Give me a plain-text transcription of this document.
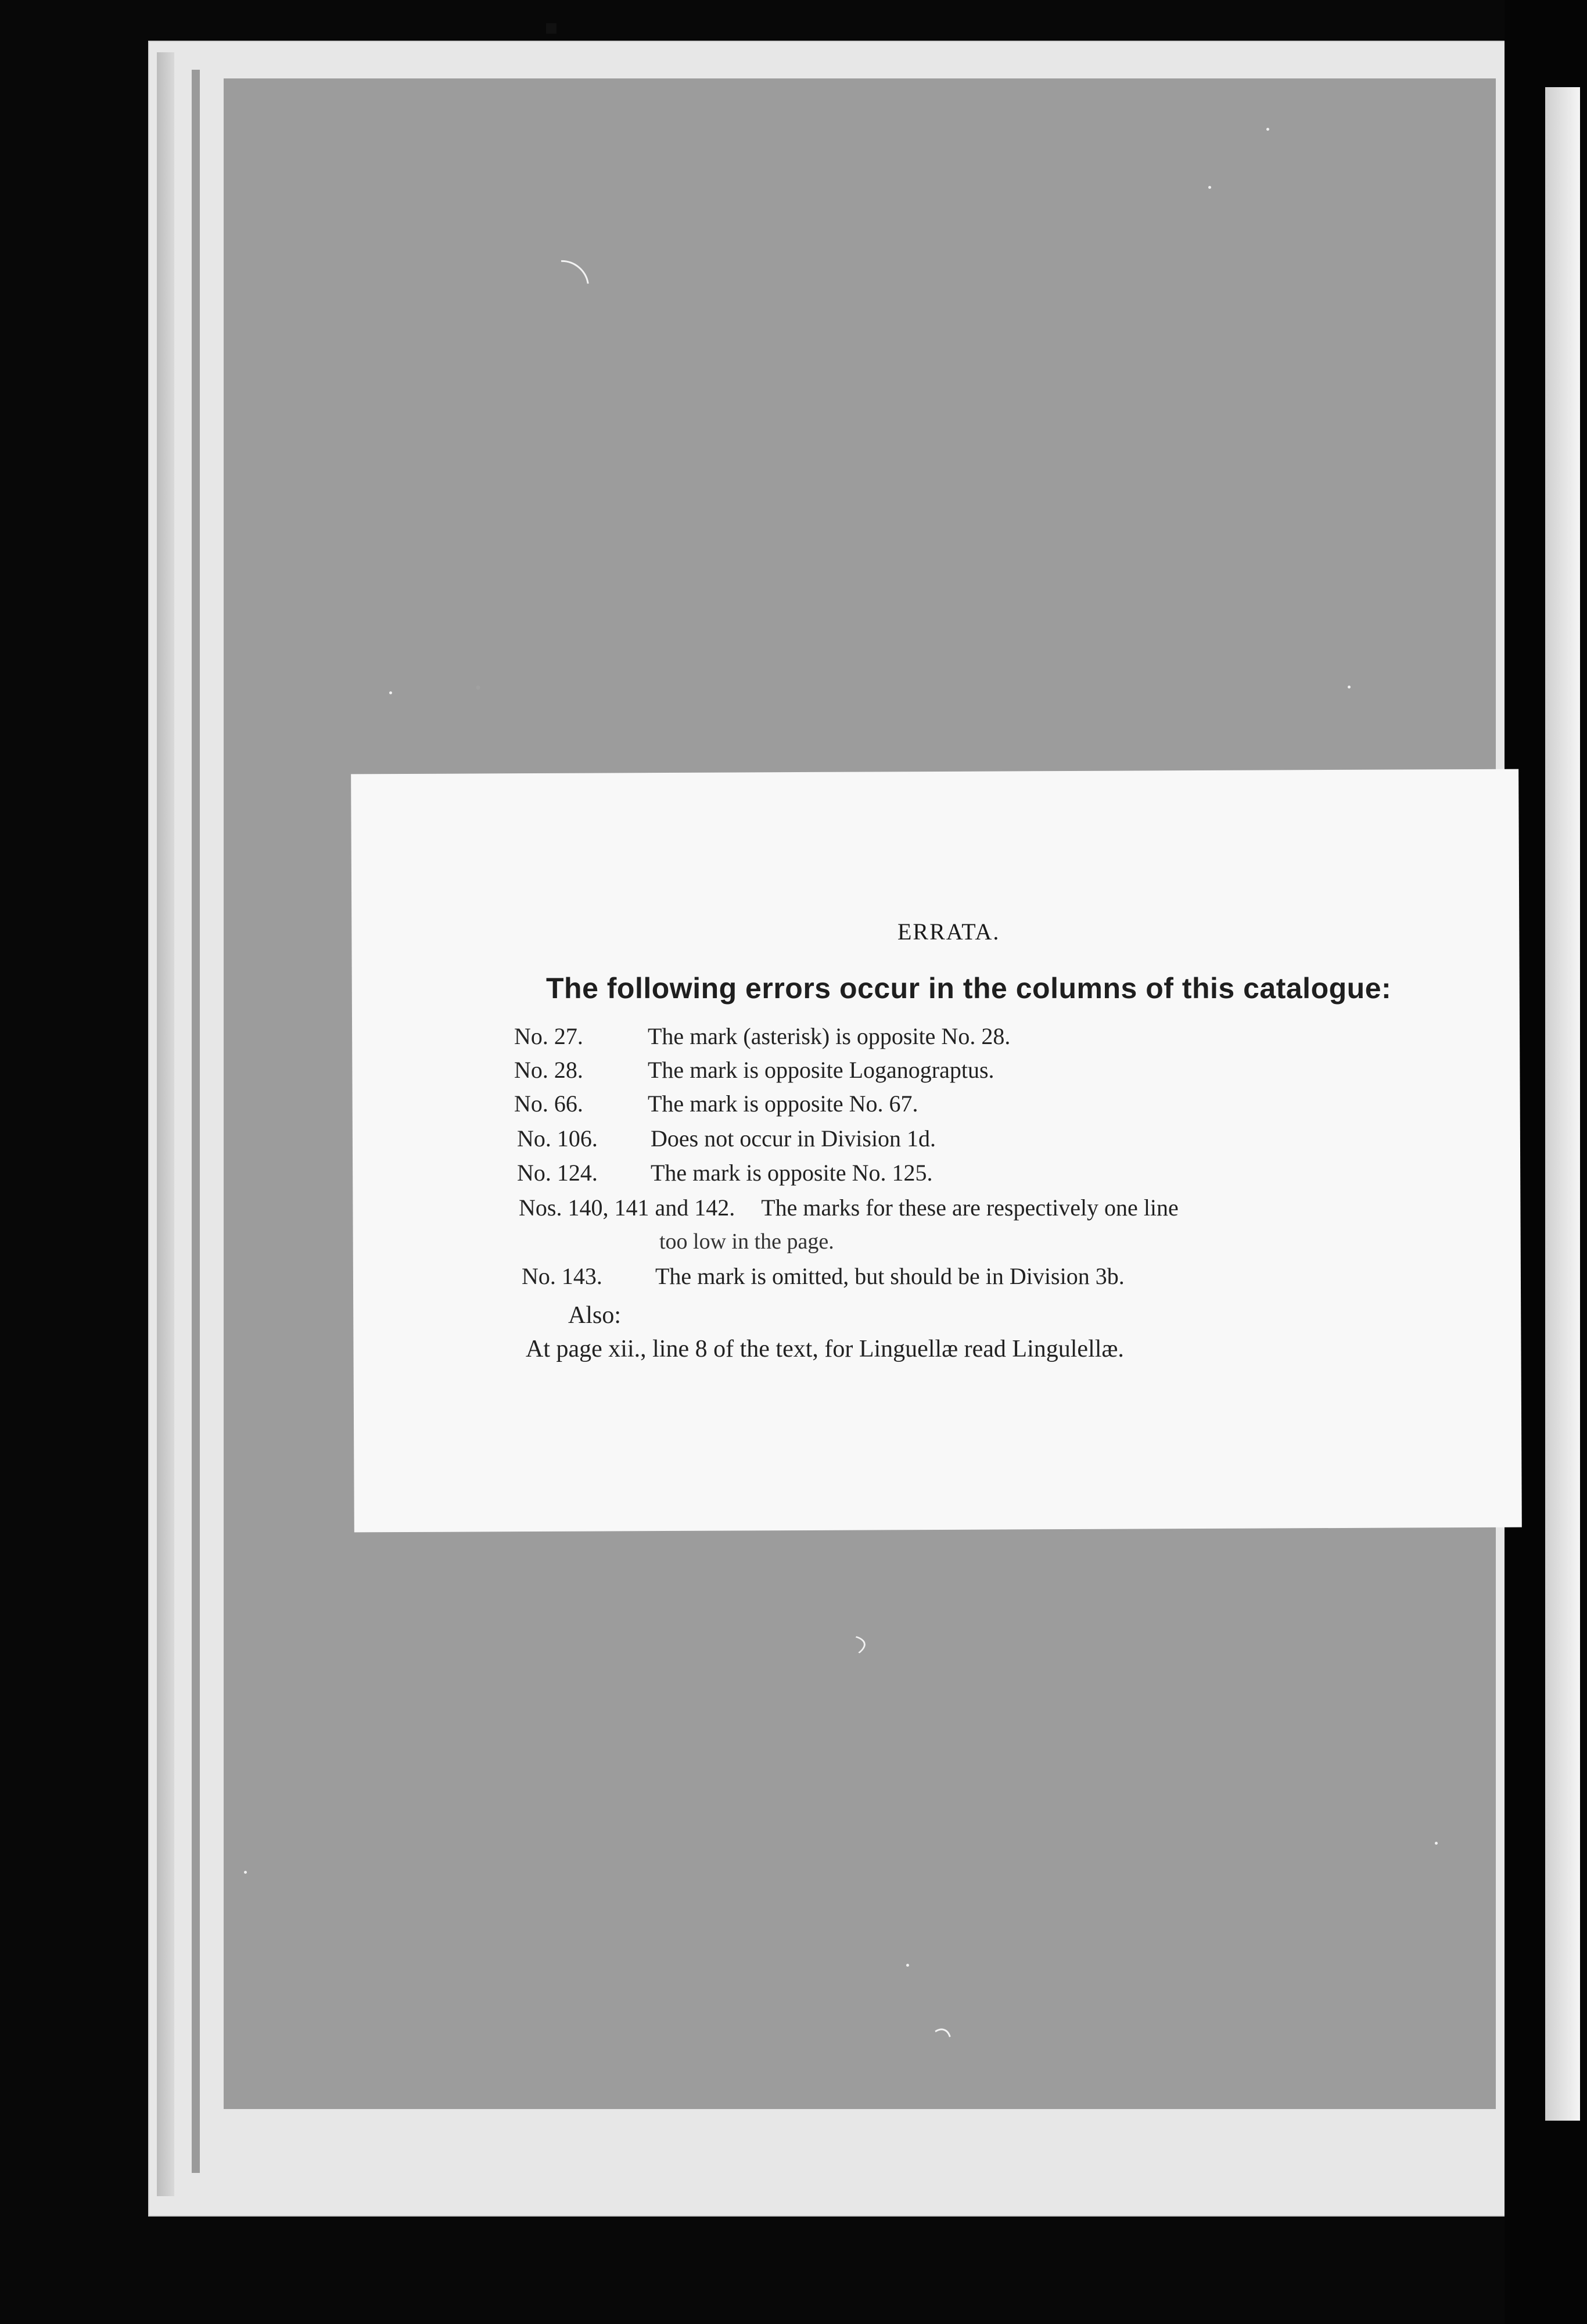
ERRATA.
The following errors occur in the columns of this catalogue:
No. 27.	The mark (asterisk) is opposite No. 28.
No. 28.	The mark is opposite Loganograptus.
No. 66.	The mark is opposite No. 67.
No. 106. Does not occur in Division 1d.
No. 124. The mark is opposite No. 125.
Nos. 140, 141 and 142. The marks for these are respectively one line
too low in the page.
No. 143. The mark is omitted, but should be in Division 3b.
Also:
At page xii., line 8 of the text, for Linguellæ read Lingulellæ.
